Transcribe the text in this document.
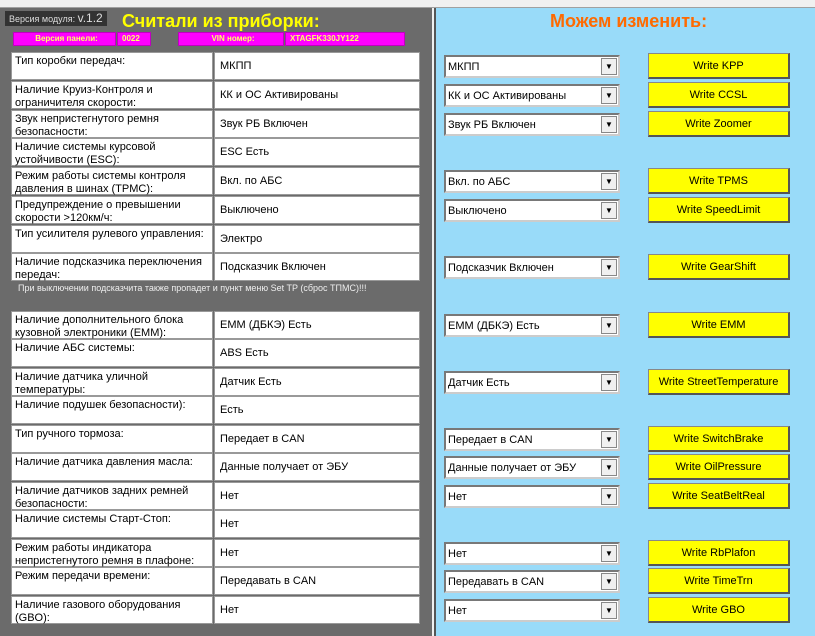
Версия модуля: v.1.2 Считали из приборки:	Можем изменить:
Версия панели:	0022	VIN номер:	XTAGFK330JY122
При выключении подсказчита также пропадет и пункт меню Set TP (сброс ТПМС)!!!
Тип коробки передач:	МКПП	МКПП	▼	Write KPP
Наличие Круиз-Контроля и ограничителя скорости:
КК и ОС Активированы	КК и ОС Активированы	▼	Write CCSL
Звук непристегнутого ремня безопасности:
Звук РБ Включен	Звук РБ Включен	▼	Write Zoomer
Наличие системы курсовой устойчивости (ESC):
ESC Есть
Режим работы системы контроля давления в шинах (TPMC):
Вкл. по АБС	Вкл. по АБС	▼	Write TPMS
Предупреждение о превышении скорости >120км/ч:
Выключено	Выключено	▼	Write SpeedLimit
Тип усилителя рулевого управления:	Электро
Наличие подсказчика переключения передач:
Подсказчик Включен	Подсказчик Включен	▼	Write GearShift
Наличие дополнительного блока кузовной электроники (EMM):
ЕММ (ДБКЭ) Есть	ЕММ (ДБКЭ) Есть	▼	Write EMM
Наличие АБС системы:	ABS Есть
Наличие датчика уличной температуры:
Датчик Есть	Датчик Есть	▼	Write StreetTemperature
Наличие подушек безопасности):	Есть
Тип ручного тормоза:	Передает в CAN	Передает в CAN	▼	Write SwitchBrake
Наличие датчика давления масла:	Данные получает от ЭБУ	Данные получает от ЭБУ	▼	Write OilPressure
Наличие датчиков задних ремней безопасности:
Нет	Нет	▼	Write SeatBeltReal
Наличие системы Старт-Стоп:	Нет
Режим работы индикатора непристегнутого ремня в плафоне:
Нет	Нет	▼	Write RbPlafon
Режим передачи времени:	Передавать в CAN	Передавать в CAN	▼	Write TimeTrn
Наличие газового оборудования (GBO):
Нет	Нет	▼	Write GBO
